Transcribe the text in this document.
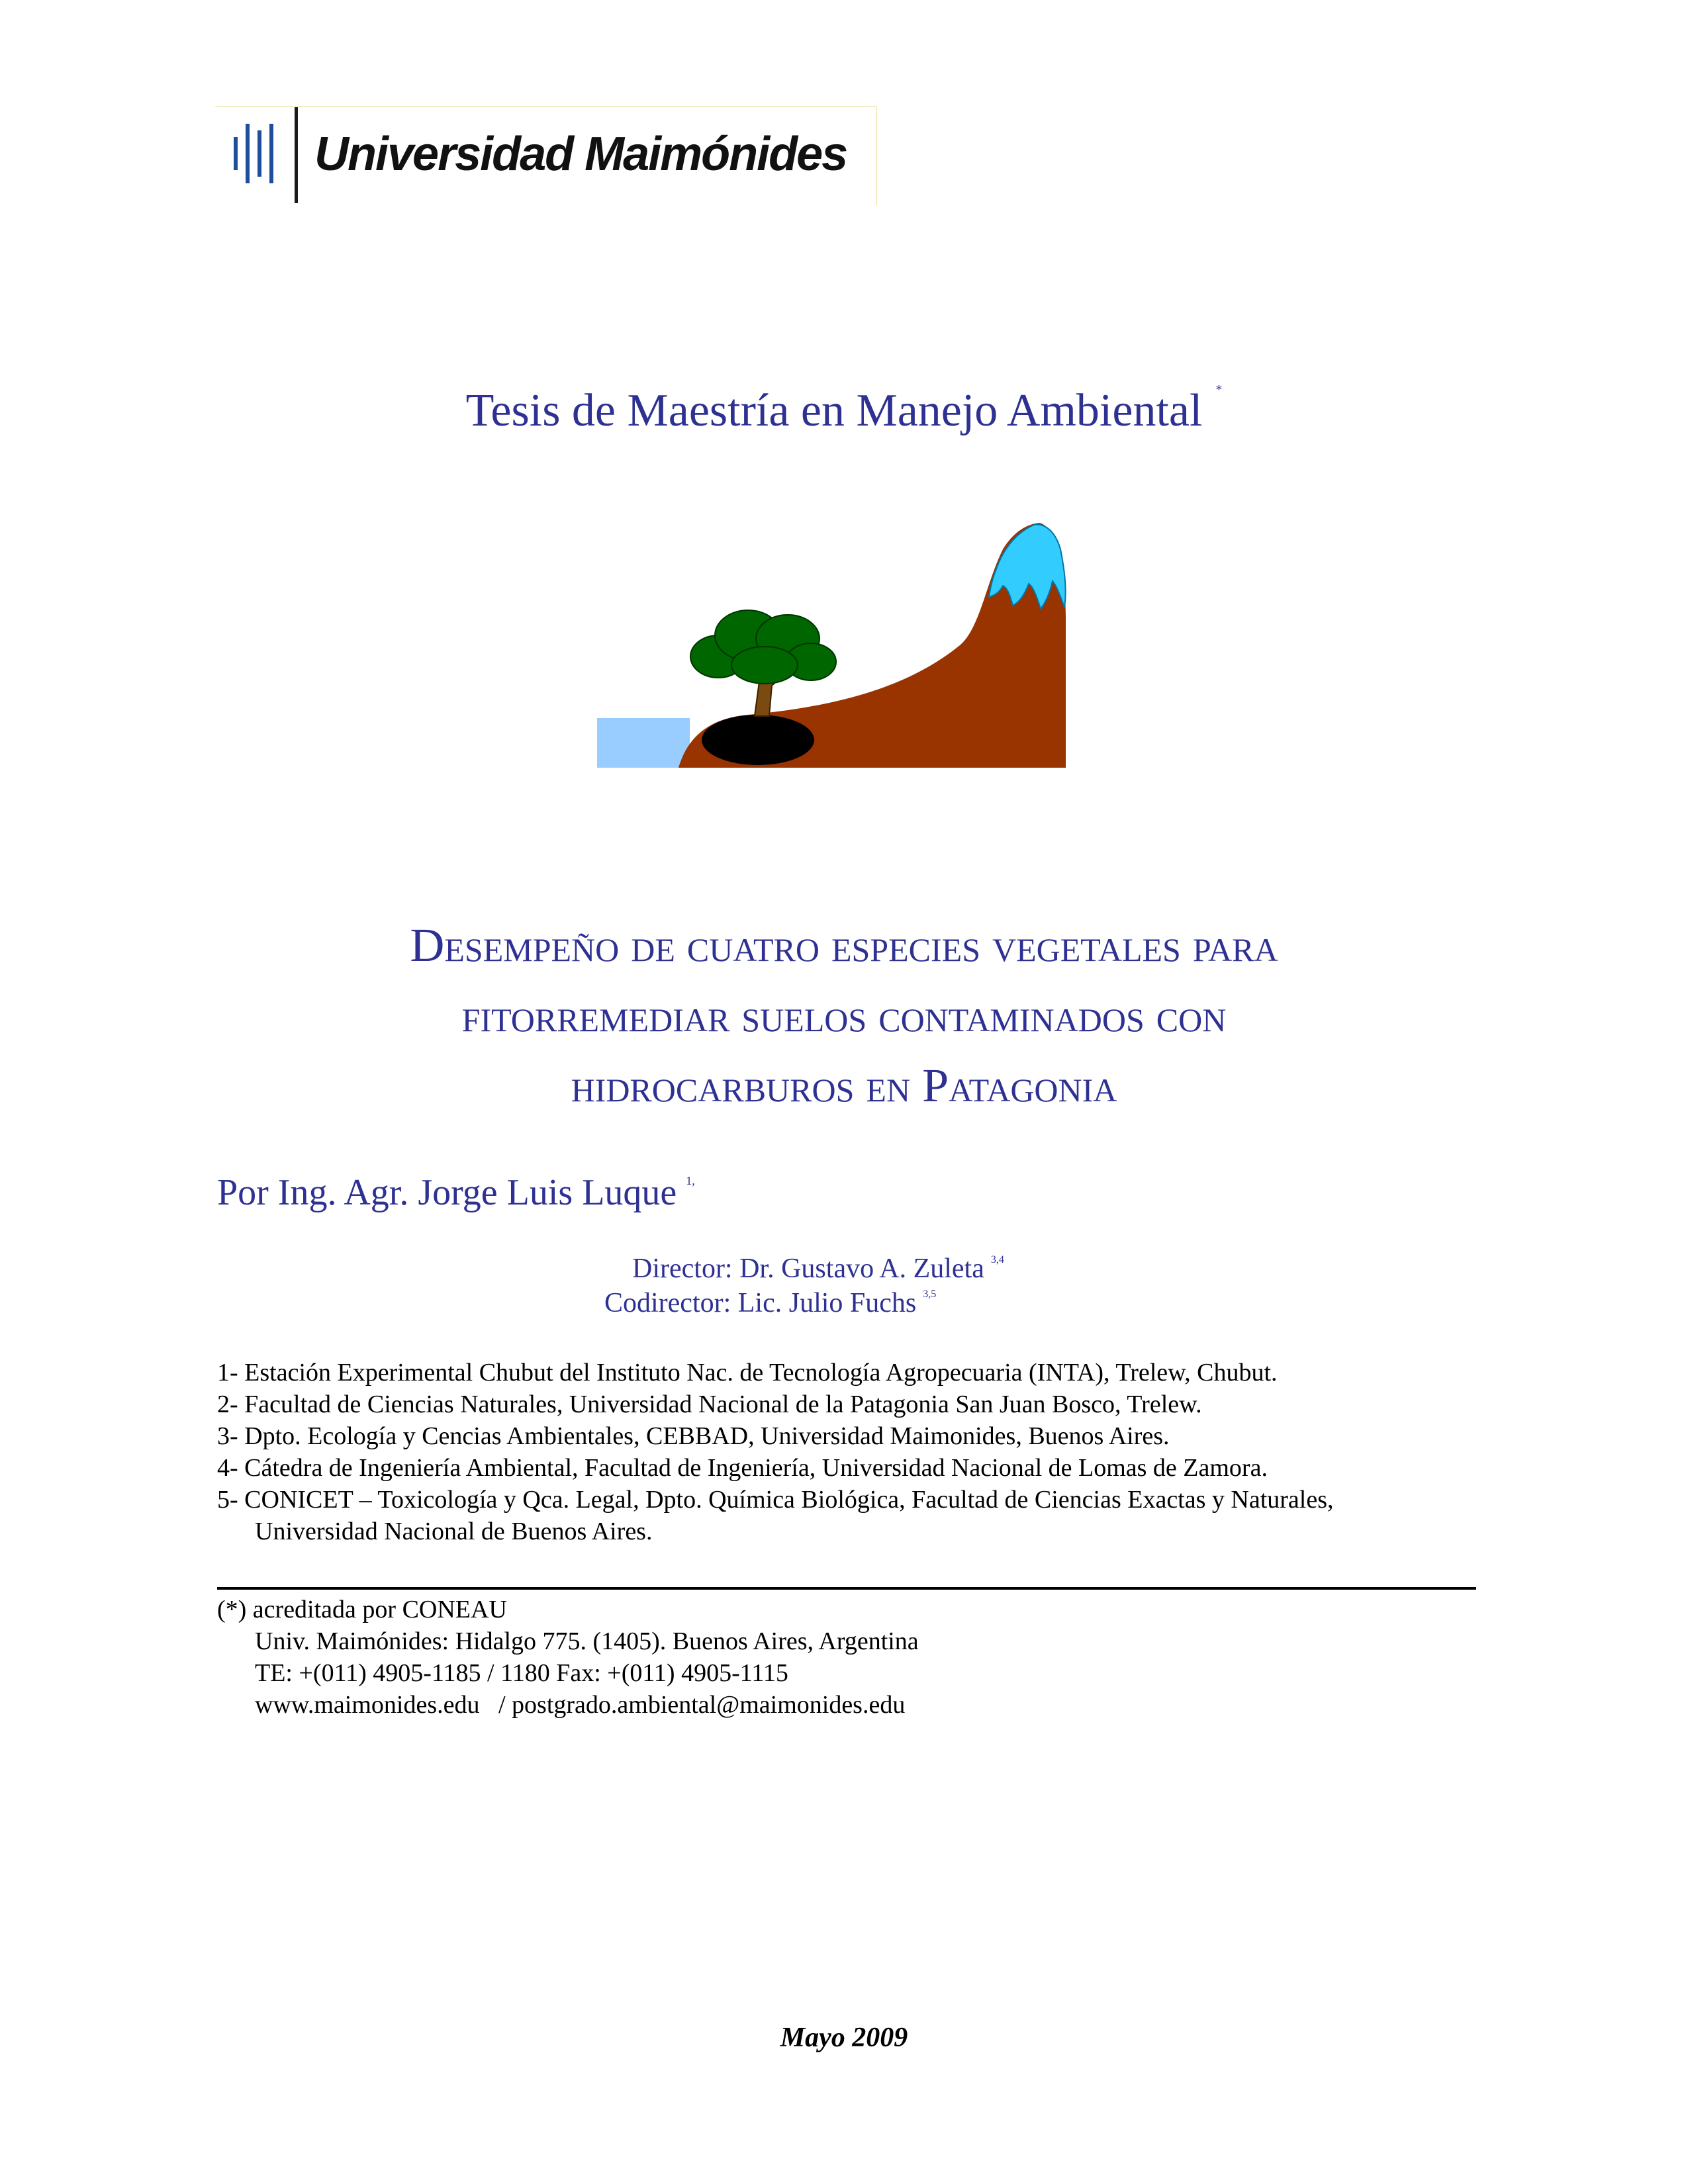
Universidad Maimónides
Tesis de Maestría en Manejo Ambiental *
Desempeño de cuatro especies vegetales para
fitorremediar suelos contaminados con
hidrocarburos en Patagonia
Por Ing. Agr. Jorge Luis Luque $^{1,}$
Director: Dr. Gustavo A. Zuleta $^{3,4}$
Codirector: Lic. Julio Fuchs $^{3,5}$
1- Estación Experimental Chubut del Instituto Nac. de Tecnología Agropecuaria (INTA), Trelew, Chubut.
2- Facultad de Ciencias Naturales, Universidad Nacional de la Patagonia San Juan Bosco, Trelew.
3- Dpto. Ecología y Cencias Ambientales, CEBBAD, Universidad Maimonides, Buenos Aires.
4- Cátedra de Ingeniería Ambiental, Facultad de Ingeniería, Universidad Nacional de Lomas de Zamora.
5- CONICET – Toxicología y Qca. Legal, Dpto. Química Biológica, Facultad de Ciencias Exactas y Naturales,
Universidad Nacional de Buenos Aires.
(*) acreditada por CONEAU
Univ. Maimónides: Hidalgo 775. (1405). Buenos Aires, Argentina
TE: +(011) 4905-1185 / 1180 Fax: +(011) 4905-1115
www.maimonides.edu   / postgrado.ambiental@maimonides.edu
Mayo 2009
